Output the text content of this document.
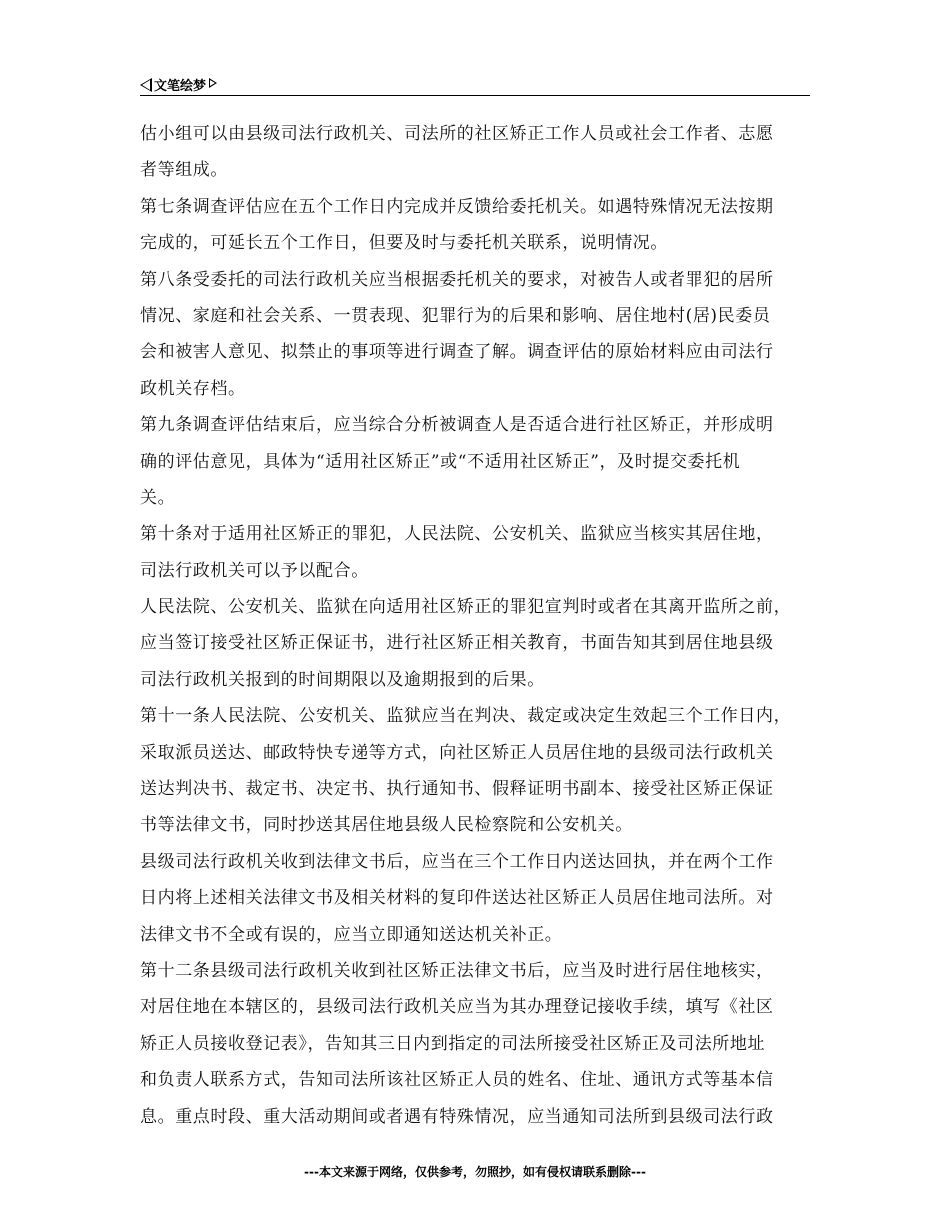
文笔绘梦
估小组可以由县级司法行政机关、司法所的社区矫正工作人员或社会工作者、志愿
者等组成。
第七条调查评估应在五个工作日内完成并反馈给委托机关。如遇特殊情况无法按期
完成的，可延长五个工作日，但要及时与委托机关联系，说明情况。
第八条受委托的司法行政机关应当根据委托机关的要求，对被告人或者罪犯的居所
情况、家庭和社会关系、一贯表现、犯罪行为的后果和影响、居住地村(居)民委员
会和被害人意见、拟禁止的事项等进行调查了解。调查评估的原始材料应由司法行
政机关存档。
第九条调查评估结束后，应当综合分析被调查人是否适合进行社区矫正，并形成明
确的评估意见，具体为“适用社区矫正”或“不适用社区矫正”，及时提交委托机
关。
第十条对于适用社区矫正的罪犯，人民法院、公安机关、监狱应当核实其居住地，
司法行政机关可以予以配合。
人民法院、公安机关、监狱在向适用社区矫正的罪犯宣判时或者在其离开监所之前，
应当签订接受社区矫正保证书，进行社区矫正相关教育，书面告知其到居住地县级
司法行政机关报到的时间期限以及逾期报到的后果。
第十一条人民法院、公安机关、监狱应当在判决、裁定或决定生效起三个工作日内，
采取派员送达、邮政特快专递等方式，向社区矫正人员居住地的县级司法行政机关
送达判决书、裁定书、决定书、执行通知书、假释证明书副本、接受社区矫正保证
书等法律文书，同时抄送其居住地县级人民检察院和公安机关。
县级司法行政机关收到法律文书后，应当在三个工作日内送达回执，并在两个工作
日内将上述相关法律文书及相关材料的复印件送达社区矫正人员居住地司法所。对
法律文书不全或有误的，应当立即通知送达机关补正。
第十二条县级司法行政机关收到社区矫正法律文书后，应当及时进行居住地核实，
对居住地在本辖区的，县级司法行政机关应当为其办理登记接收手续，填写《社区
矫正人员接收登记表》，告知其三日内到指定的司法所接受社区矫正及司法所地址
和负责人联系方式，告知司法所该社区矫正人员的姓名、住址、通讯方式等基本信
息。重点时段、重大活动期间或者遇有特殊情况，应当通知司法所到县级司法行政
---本文来源于网络，仅供参考，勿照抄，如有侵权请联系删除---
